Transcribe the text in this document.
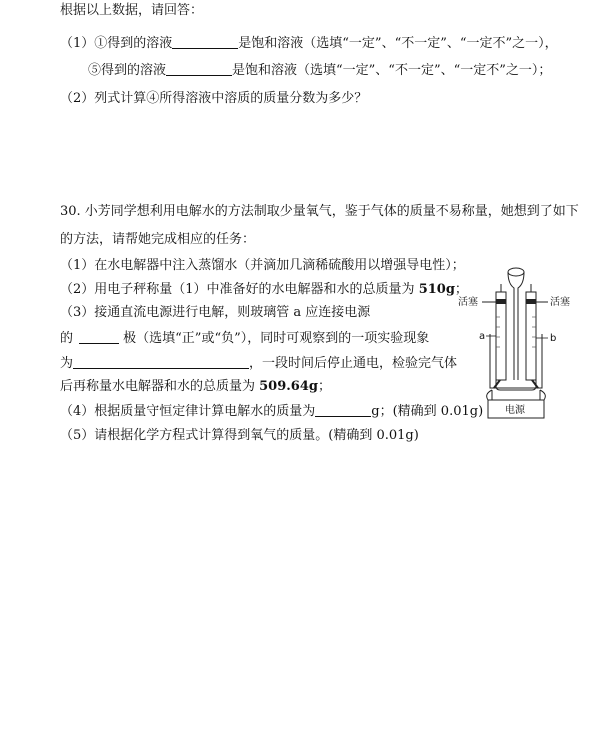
根据以上数据，请回答：
（1）①得到的溶液	是饱和溶液（选填“一定”、“不一定”、“一定不”之一），
⑤得到的溶液	是饱和溶液（选填“一定”、“不一定”、“一定不”之一）；
（2）列式计算④所得溶液中溶质的质量分数为多少？
30. 小芳同学想利用电解水的方法制取少量氧气，鉴于气体的质量不易称量，她想到了如下
的方法，请帮她完成相应的任务：
（1）在水电解器中注入蒸馏水（并滴加几滴稀硫酸用以增强导电性）；
（2）用电子秤称量（1）中准备好的水电解器和水的总质量为 510g；
（3）接通直流电源进行电解，则玻璃管 a 应连接电源
的	极（选填“正”或“负”），同时可观察到的一项实验现象
为	，一段时间后停止通电，检验完气体
后再称量水电解器和水的总质量为 509.64g；
（4）根据质量守恒定律计算电解水的质量为	g；(精确到 0.01g)
（5）请根据化学方程式计算得到氧气的质量。(精确到 0.01g)
活塞	活塞
a	b
电源
